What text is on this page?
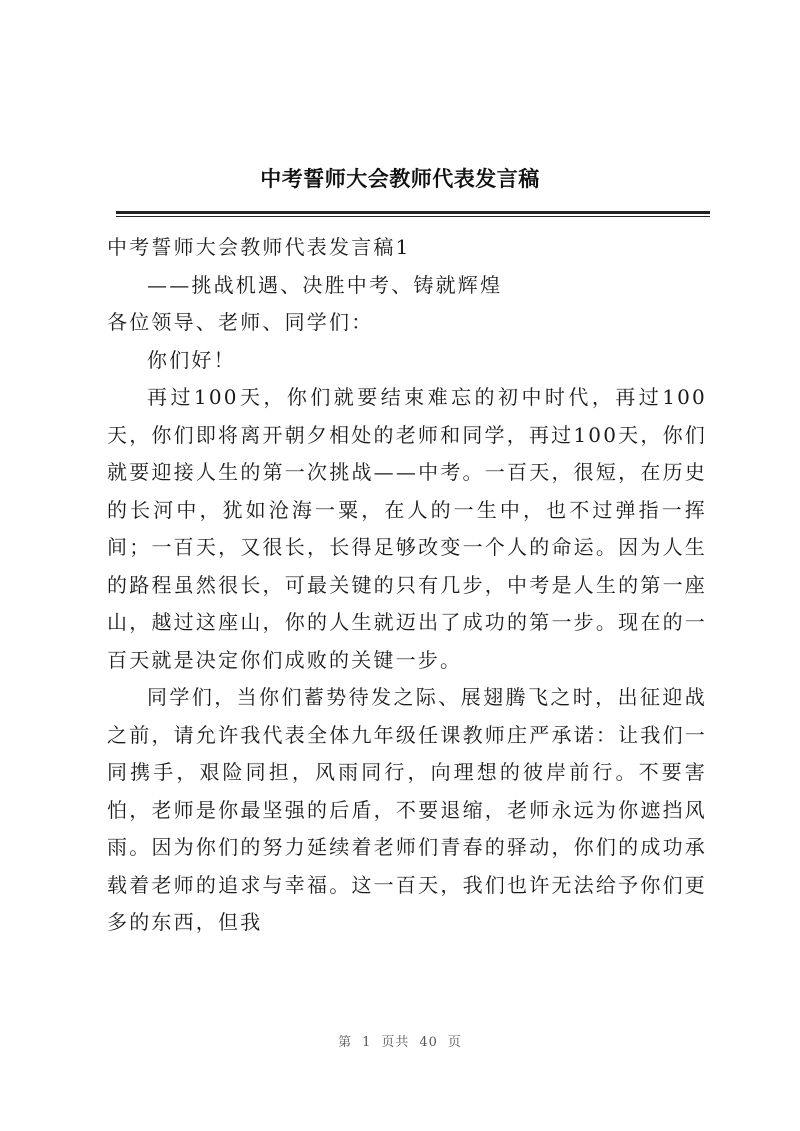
中考誓师大会教师代表发言稿

中考誓师大会教师代表发言稿1

——挑战机遇、决胜中考、铸就辉煌

各位领导、老师、同学们：

你们好！

再过100天，你们就要结束难忘的初中时代，再过100天，你们即将离开朝夕相处的老师和同学，再过100天，你们就要迎接人生的第一次挑战——中考。一百天，很短，在历史的长河中，犹如沧海一粟，在人的一生中，也不过弹指一挥间；一百天，又很长，长得足够改变一个人的命运。因为人生的路程虽然很长，可最关键的只有几步，中考是人生的第一座山，越过这座山，你的人生就迈出了成功的第一步。现在的一百天就是决定你们成败的关键一步。

同学们，当你们蓄势待发之际、展翅腾飞之时，出征迎战之前，请允许我代表全体九年级任课教师庄严承诺：让我们一同携手，艰险同担，风雨同行，向理想的彼岸前行。不要害怕，老师是你最坚强的后盾，不要退缩，老师永远为你遮挡风雨。因为你们的努力延续着老师们青春的驿动，你们的成功承载着老师的追求与幸福。这一百天，我们也许无法给予你们更多的东西，但我

第 1 页共 40 页
